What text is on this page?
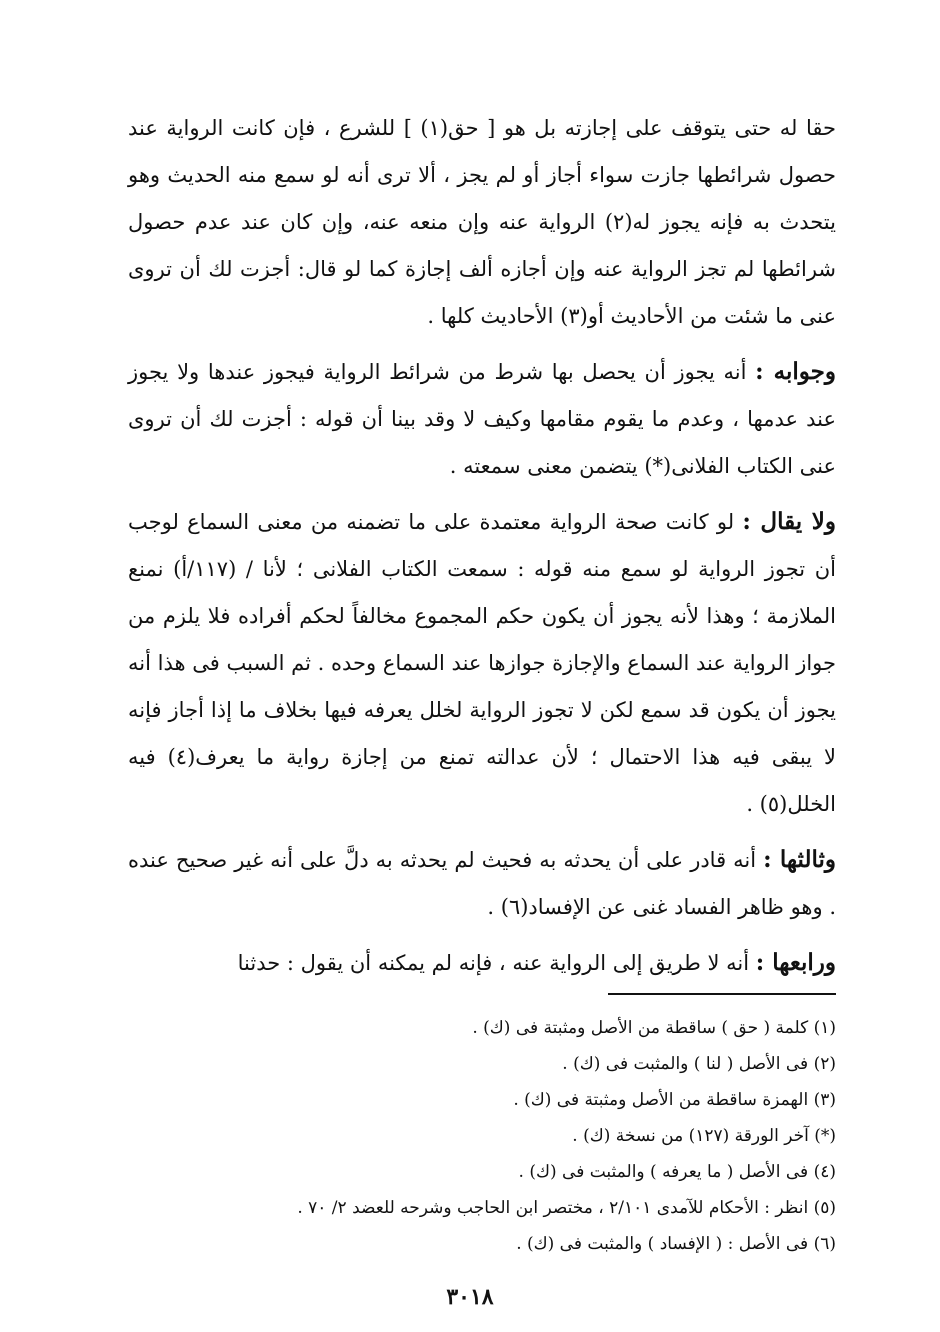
حقا له حتى يتوقف على إجازته بل هو [ حق(١) ] للشرع ، فإن كانت الرواية عند حصول شرائطها جازت سواء أجاز أو لم يجز ، ألا ترى أنه لو سمع منه الحديث وهو يتحدث به فإنه يجوز له(٢) الرواية عنه وإن منعه عنه، وإن كان عند عدم حصول شرائطها لم تجز الرواية عنه وإن أجازه ألف إجازة كما لو قال: أجزت لك أن تروى عنى ما شئت من الأحاديث أو(٣) الأحاديث كلها .

وجوابه : أنه يجوز أن يحصل بها شرط من شرائط الرواية فيجوز عندها ولا يجوز عند عدمها ، وعدم ما يقوم مقامها وكيف لا وقد بينا أن قوله : أجزت لك أن تروى عنى الكتاب الفلانى(*) يتضمن معنى سمعته .

ولا يقال : لو كانت صحة الرواية معتمدة على ما تضمنه من معنى السماع لوجب أن تجوز الرواية لو سمع منه قوله : سمعت الكتاب الفلانى ؛ لأنا / (١١٧/أ) نمنع الملازمة ؛ وهذا لأنه يجوز أن يكون حكم المجموع مخالفاً لحكم أفراده فلا يلزم من جواز الرواية عند السماع والإجازة جوازها عند السماع وحده . ثم السبب فى هذا أنه يجوز أن يكون قد سمع لكن لا تجوز الرواية لخلل يعرفه فيها بخلاف ما إذا أجاز فإنه لا يبقى فيه هذا الاحتمال ؛ لأن عدالته تمنع من إجازة رواية ما يعرف(٤) فيه الخلل(٥) .

وثالثها : أنه قادر على أن يحدثه به فحيث لم يحدثه به دلَّ على أنه غير صحيح عنده . وهو ظاهر الفساد غنى عن الإفساد(٦) .

ورابعها : أنه لا طريق إلى الرواية عنه ، فإنه لم يمكنه أن يقول : حدثنا

(١) كلمة ( حق ) ساقطة من الأصل ومثبتة فى (ك) .
(٢) فى الأصل ( لنا ) والمثبت فى (ك) .
(٣) الهمزة ساقطة من الأصل ومثبتة فى (ك) .
(*) آخر الورقة (١٢٧) من نسخة (ك) .
(٤) فى الأصل ( ما يعرفه ) والمثبت فى (ك) .
(٥) انظر : الأحكام للآمدى ٢/١٠١ ، مختصر ابن الحاجب وشرحه للعضد ٢/ ٧٠ .
(٦) فى الأصل : ( الإفساد ) والمثبت فى (ك) .
٣٠١٨
